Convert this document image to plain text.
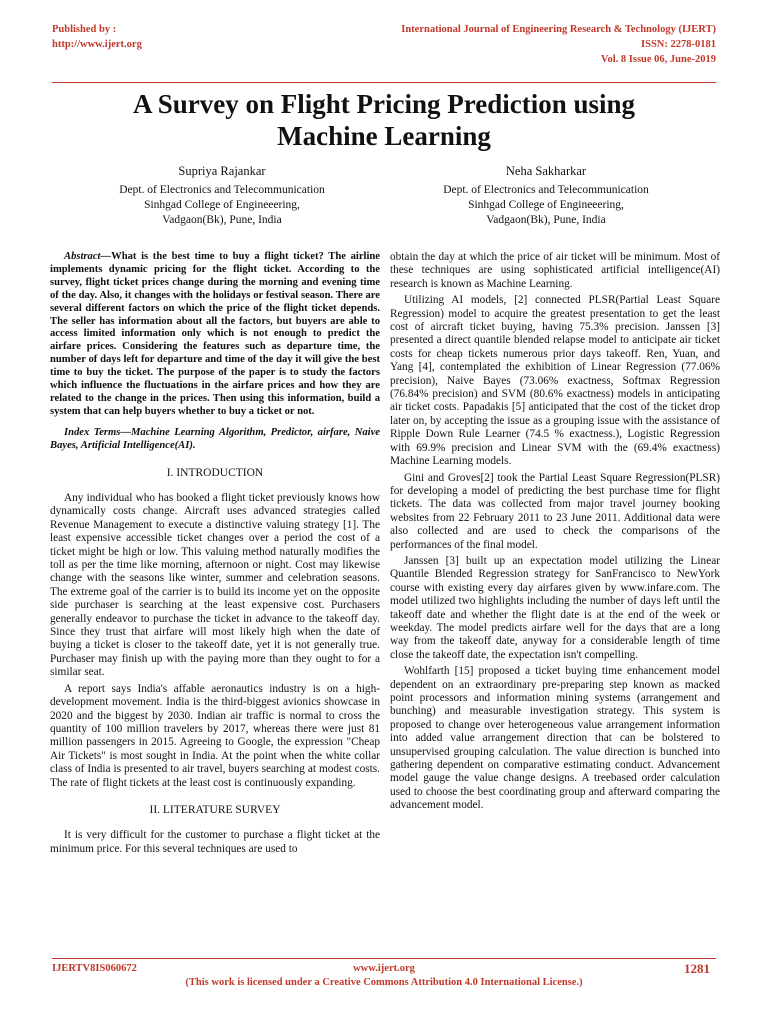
Published by :
http://www.ijert.org
International Journal of Engineering Research & Technology (IJERT)
ISSN: 2278-0181
Vol. 8 Issue 06, June-2019
A Survey on Flight Pricing Prediction using
Machine Learning
Supriya Rajankar
Dept. of Electronics and Telecommunication
Sinhgad College of Engineeering,
Vadgaon(Bk), Pune, India
Neha Sakharkar
Dept. of Electronics and Telecommunication
Sinhgad College of Engineeering,
Vadgaon(Bk), Pune, India

Abstract—What is the best time to buy a flight ticket? The airline implements dynamic pricing for the flight ticket. According to the survey, flight ticket prices change during the morning and evening time of the day. Also, it changes with the holidays or festival season. There are several different factors on which the price of the flight ticket depends. The seller has information about all the factors, but buyers are able to access limited information only which is not enough to predict the airfare prices. Considering the features such as departure time, the number of days left for departure and time of the day it will give the best time to buy the ticket. The purpose of the paper is to study the factors which influence the fluctuations in the airfare prices and how they are related to the change in the prices. Then using this information, build a system that can help buyers whether to buy a ticket or not.

Index Terms—Machine Learning Algorithm, Predictor, airfare, Naive Bayes, Artificial Intelligence(AI).

I. INTRODUCTION

Any individual who has booked a flight ticket previously knows how dynamically costs change. Aircraft uses advanced strategies called Revenue Management to execute a distinctive valuing strategy [1]. The least expensive accessible ticket changes over a period the cost of a ticket might be high or low. This valuing method naturally modifies the toll as per the time like morning, afternoon or night. Cost may likewise change with the seasons like winter, summer and celebration seasons. The extreme goal of the carrier is to build its income yet on the opposite side purchaser is searching at the least expensive cost. Purchasers generally endeavor to purchase the ticket in advance to the takeoff day. Since they trust that airfare will most likely high when the date of buying a ticket is closer to the takeoff date, yet it is not generally true. Purchaser may finish up with the paying more than they ought to for a similar seat.

A report says India's affable aeronautics industry is on a high-development movement. India is the third-biggest avionics showcase in 2020 and the biggest by 2030. Indian air traffic is normal to cross the quantity of 100 million travelers by 2017, whereas there were just 81 million passengers in 2015. Agreeing to Google, the expression "Cheap Air Tickets" is most sought in India. At the point when the white collar class of India is presented to air travel, buyers searching at modest costs. The rate of flight tickets at the least cost is continuously expanding.

II. LITERATURE SURVEY

It is very difficult for the customer to purchase a flight ticket at the minimum price. For this several techniques are used to

obtain the day at which the price of air ticket will be minimum. Most of these techniques are using sophisticated artificial intelligence(AI) research is known as Machine Learning.

Utilizing AI models, [2] connected PLSR(Partial Least Square Regression) model to acquire the greatest presentation to get the least cost of aircraft ticket buying, having 75.3% precision. Janssen [3] presented a direct quantile blended relapse model to anticipate air ticket costs for cheap tickets numerous prior days takeoff. Ren, Yuan, and Yang [4], contemplated the exhibition of Linear Regression (77.06% precision), Naive Bayes (73.06% exactness, Softmax Regression (76.84% precision) and SVM (80.6% exactness) models in anticipating air ticket costs. Papadakis [5] anticipated that the cost of the ticket drop later on, by accepting the issue as a grouping issue with the assistance of Ripple Down Rule Learner (74.5 % exactness.), Logistic Regression with 69.9% precision and Linear SVM with the (69.4% exactness) Machine Learning models.

Gini and Groves[2] took the Partial Least Square Regression(PLSR) for developing a model of predicting the best purchase time for flight tickets. The data was collected from major travel journey booking websites from 22 February 2011 to 23 June 2011. Additional data were also collected and are used to check the comparisons of the performances of the final model.

Janssen [3] built up an expectation model utilizing the Linear Quantile Blended Regression strategy for SanFrancisco to NewYork course with existing every day airfares given by www.infare.com. The model utilized two highlights including the number of days left until the takeoff date and whether the flight date is at the end of the week or weekday. The model predicts airfare well for the days that are a long way from the takeoff date, anyway for a considerable length of time close the takeoff date, the expectation isn't compelling.

Wohlfarth [15] proposed a ticket buying time enhancement model dependent on an extraordinary pre-preparing step known as macked point processors and information mining systems (arrangement and bunching) and measurable investigation strategy. This system is proposed to change over heterogeneous value arrangement information into added value arrangement direction that can be bolstered to unsupervised grouping calculation. The value direction is bunched into gathering dependent on comparative estimating conduct. Advancement model gauge the value change designs. A treebased order calculation used to choose the best coordinating group and afterward comparing the advancement model.

IJERTV8IS060672	www.ijert.org	1281
(This work is licensed under a Creative Commons Attribution 4.0 International License.)
